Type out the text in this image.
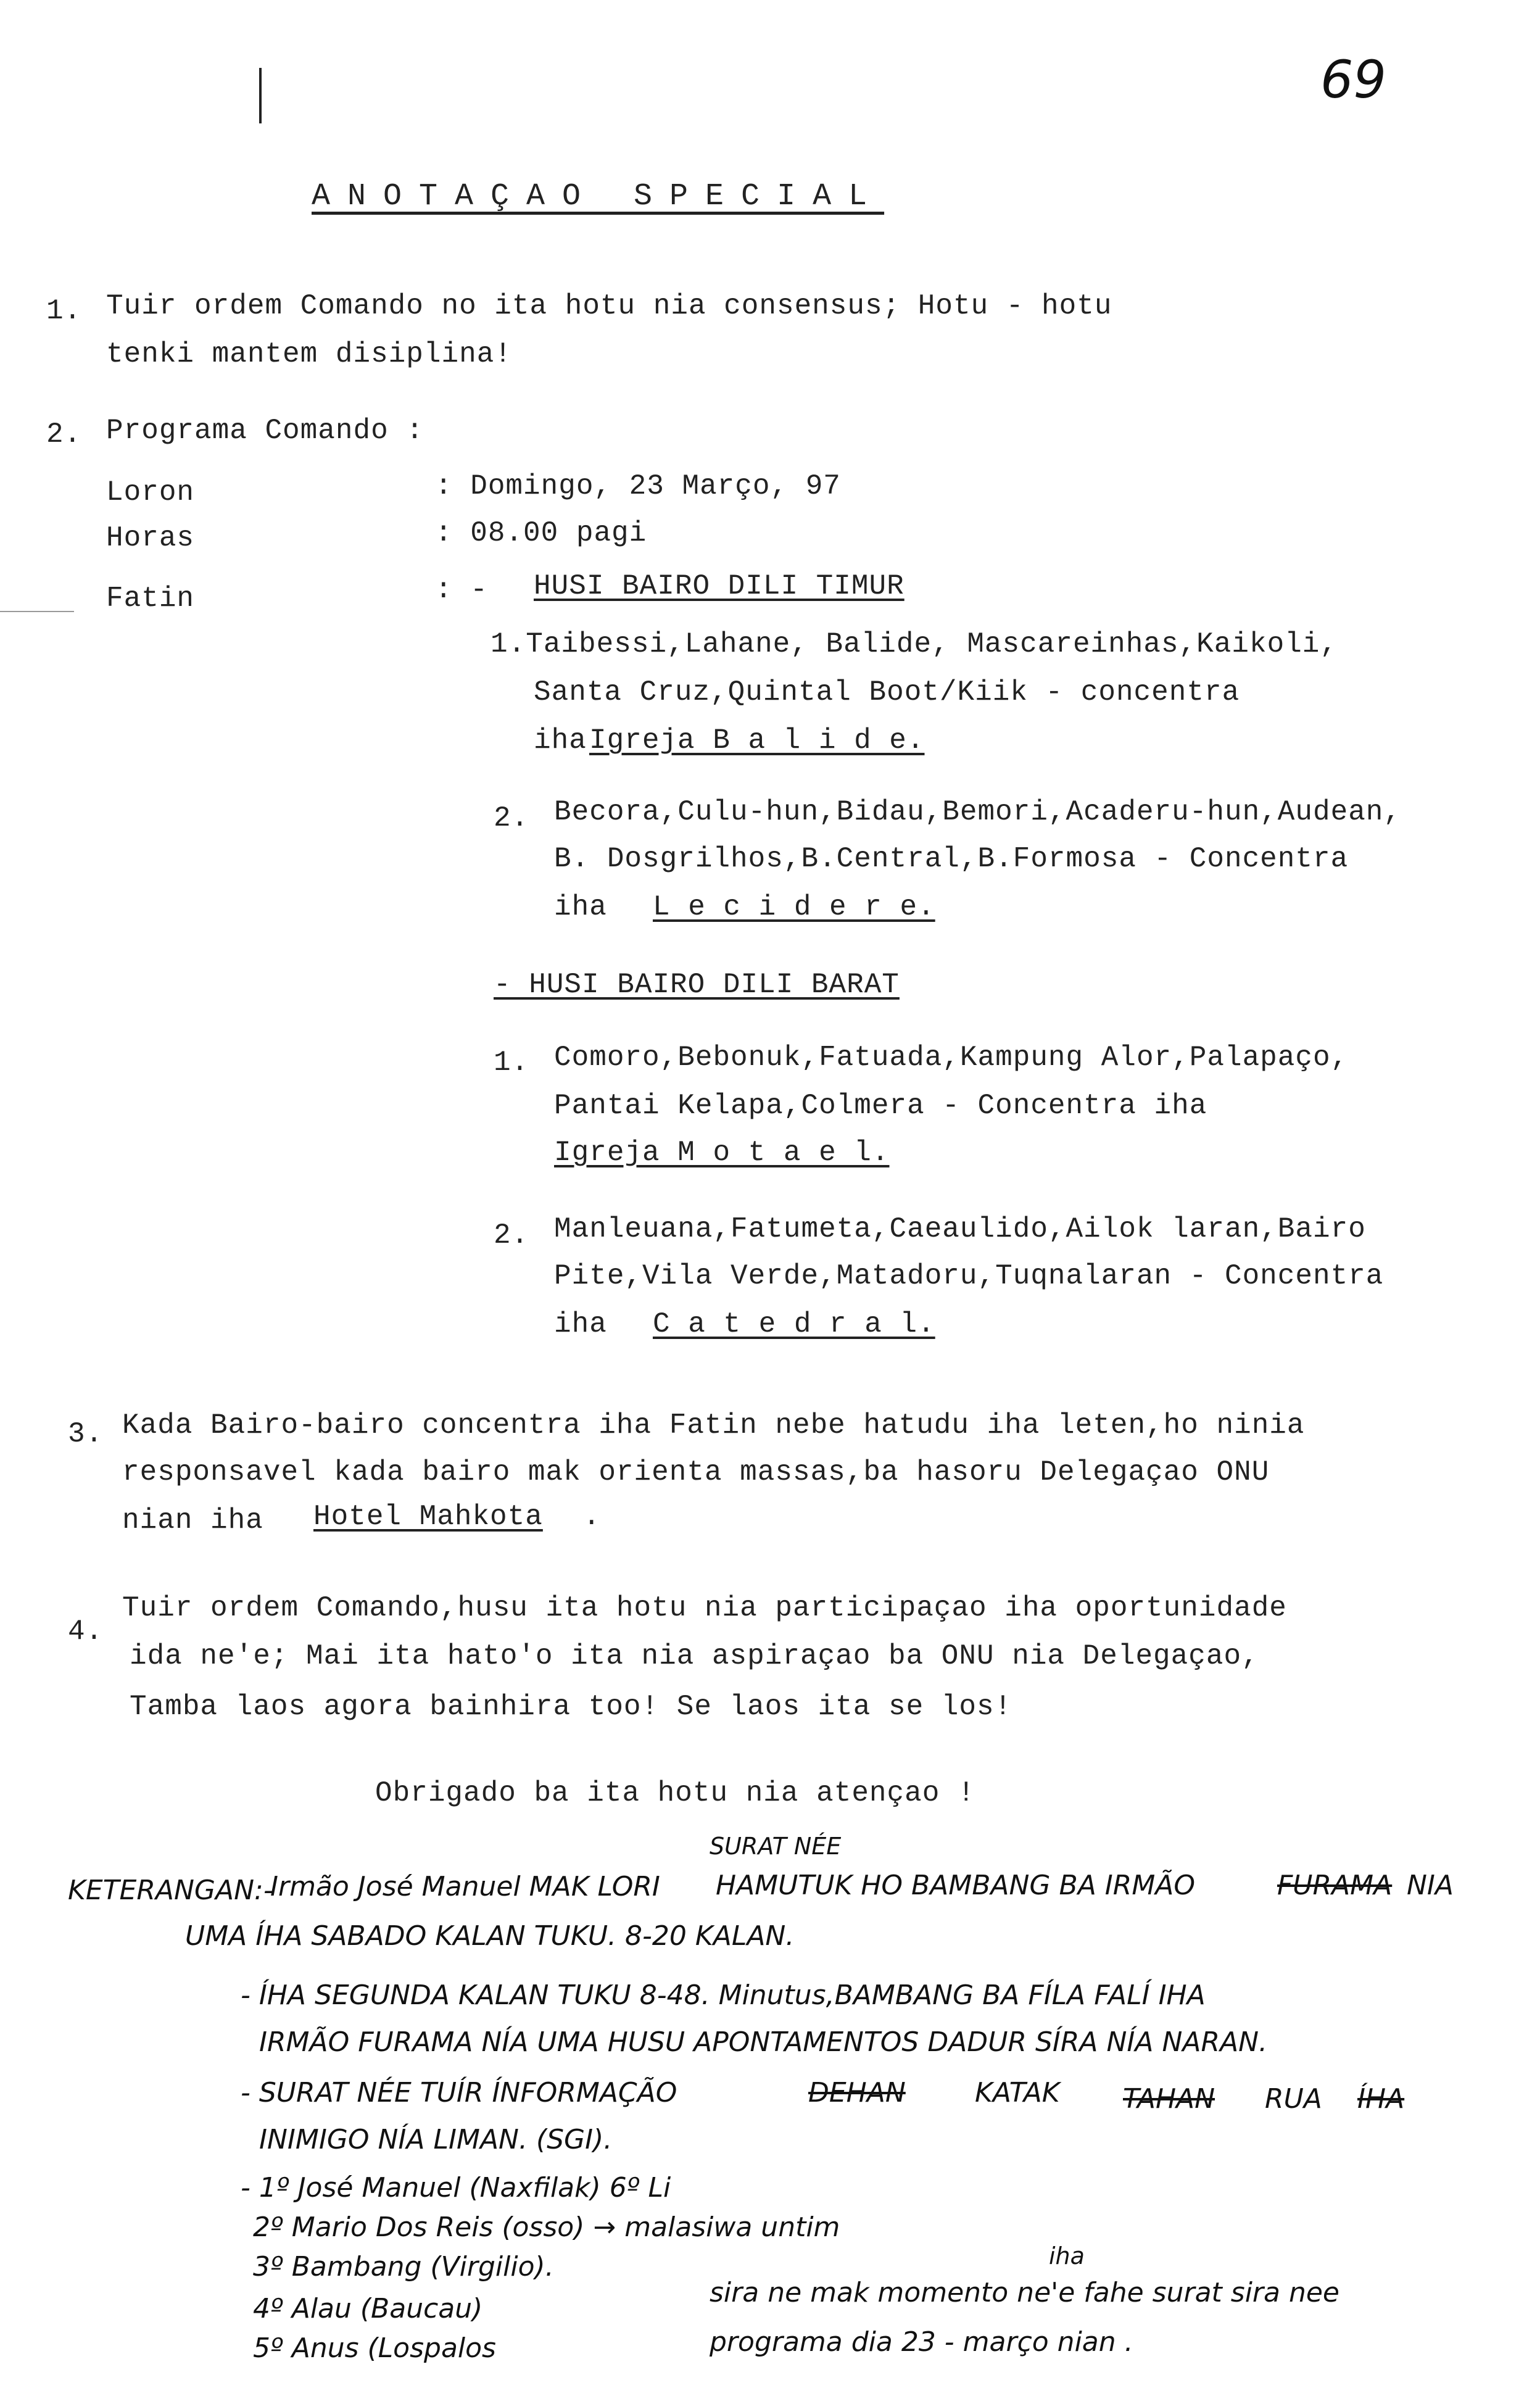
69
ANOTAÇAO SPECIAL
1. Tuir ordem Comando no ita hotu nia consensus; Hotu - hotu
tenki mantem disiplina!
2. Programa Comando :
Loron	: Domingo, 23 Março, 97
Horas	: 08.00 pagi
Fatin	: - HUSI BAIRO DILI TIMUR
1.Taibessi,Lahane, Balide, Mascareinhas,Kaikoli,
Santa Cruz,Quintal Boot/Kiik - concentra
iha Igreja B a l i d e.
2. Becora,Culu-hun,Bidau,Bemori,Acaderu-hun,Audean,
B. Dosgrilhos,B.Central,B.Formosa - Concentra
iha L e c i d e r e.
- HUSI BAIRO DILI BARAT
1. Comoro,Bebonuk,Fatuada,Kampung Alor,Palapaço,
Pantai Kelapa,Colmera - Concentra iha
Igreja M o t a e l.
2. Manleuana,Fatumeta,Caeaulido,Ailok laran,Bairo
Pite,Vila Verde,Matadoru,Tuqnalaran - Concentra
iha C a t e d r a l.
3. Kada Bairo-bairo concentra iha Fatin nebe hatudu iha leten,ho ninia
responsavel kada bairo mak orienta massas,ba hasoru Delegaçao ONU
nian iha Hotel Mahkota .
4.
Tuir ordem Comando,husu ita hotu nia participaçao iha oportunidade
ida ne'e; Mai ita hato'o ita nia aspiraçao ba ONU nia Delegaçao,
Tamba laos agora bainhira too! Se laos ita se los!
Obrigado ba ita hotu nia atençao !
KETERANGAN:-
Irmão José Manuel MAK LORI
SURAT NÉE
HAMUTUK HO BAMBANG BA IRMÃO	FURAMA NIA
UMA ÍHA SABADO KALAN TUKU. 8-20 KALAN.
- ÍHA SEGUNDA KALAN TUKU 8-48. Minutus,BAMBANG BA FÍLA FALÍ IHA
IRMÃO FURAMA NÍA UMA HUSU APONTAMENTOS DADUR SÍRA NÍA NARAN.
- SURAT NÉE TUÍR ÍNFORMAÇÃO	DEHAN	KATAK TAHAN RUA ÍHA
INIMIGO NÍA LIMAN. (SGI).
- 1º José Manuel (Naxfilak) 6º Li
2º Mario Dos Reis (osso) → malasiwa untim
3º Bambang (Virgilio).
4º Alau (Baucau)
5º Anus (Lospalos
iha
sira ne mak momento ne'e fahe surat sira nee
programa dia 23 - março nian .
